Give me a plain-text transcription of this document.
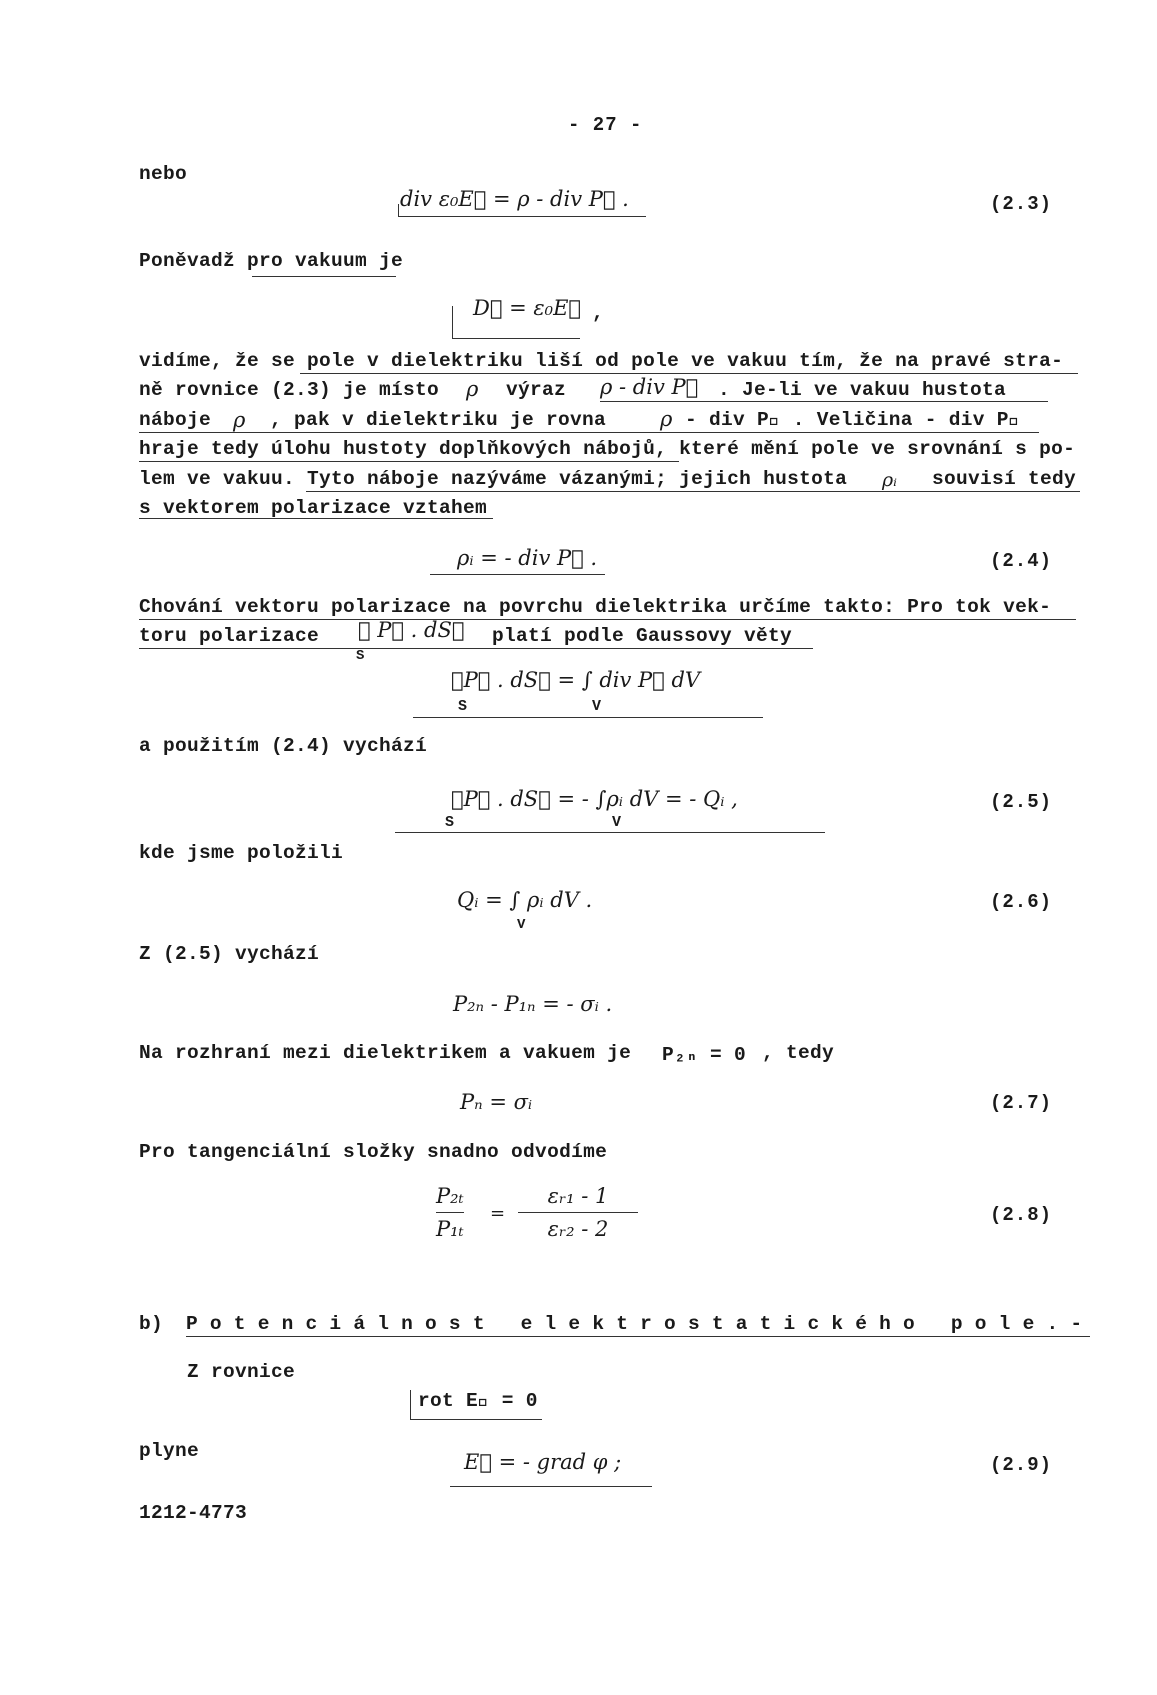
- 27 -
nebo
div ε₀E⃗ = ρ - div P⃗ .	(2.3)
Poněvadž pro vakuum je
D⃗ = ε₀E⃗ ,
vidíme, že se pole v dielektriku liší od pole ve vakuu tím, že na pravé stra-
ně rovnice (2.3) je místo ρ výraz ρ - div P⃗ . Je-li ve vakuu hustota
náboje ρ , pak v dielektriku je rovna	ρ - div P⃗ . Veličina - div P⃗
hraje tedy úlohu hustoty doplňkových nábojů, které mění pole ve srovnání s po-
lem ve vakuu. Tyto náboje nazýváme vázanými; jejich hustota ρᵢ souvisí tedy
s vektorem polarizace vztahem
ρᵢ = - div P⃗ .	(2.4)
Chování vektoru polarizace na povrchu dielektrika určíme takto: Pro tok vek-
toru polarizace ∮ P⃗ . dS⃗
S
platí podle Gaussovy věty
∮P⃗ . dS⃗ = ∫ div P⃗ dV
S	V
a použitím (2.4) vychází
∮P⃗ . dS⃗ = - ∫ρᵢ dV = - Qᵢ ,
S	V
(2.5)
kde jsme položili
Qᵢ = ∫ ρᵢ dV .
V
(2.6)
Z (2.5) vychází
P₂ₙ - P₁ₙ = - σᵢ .
Na rozhraní mezi dielektrikem a vakuem je P₂ₙ = 0 , tedy
Pₙ = σᵢ	(2.7)
Pro tangenciální složky snadno odvodíme
P₂ₜ
P₁ₜ
=
εᵣ₁ - 1
εᵣ₂ - 2
(2.8)
b) Potenciálnost elektrostatického pole.-
Z rovnice
rot E⃗ = 0
plyne	E⃗ = - grad φ ;	(2.9)
1212-4773
